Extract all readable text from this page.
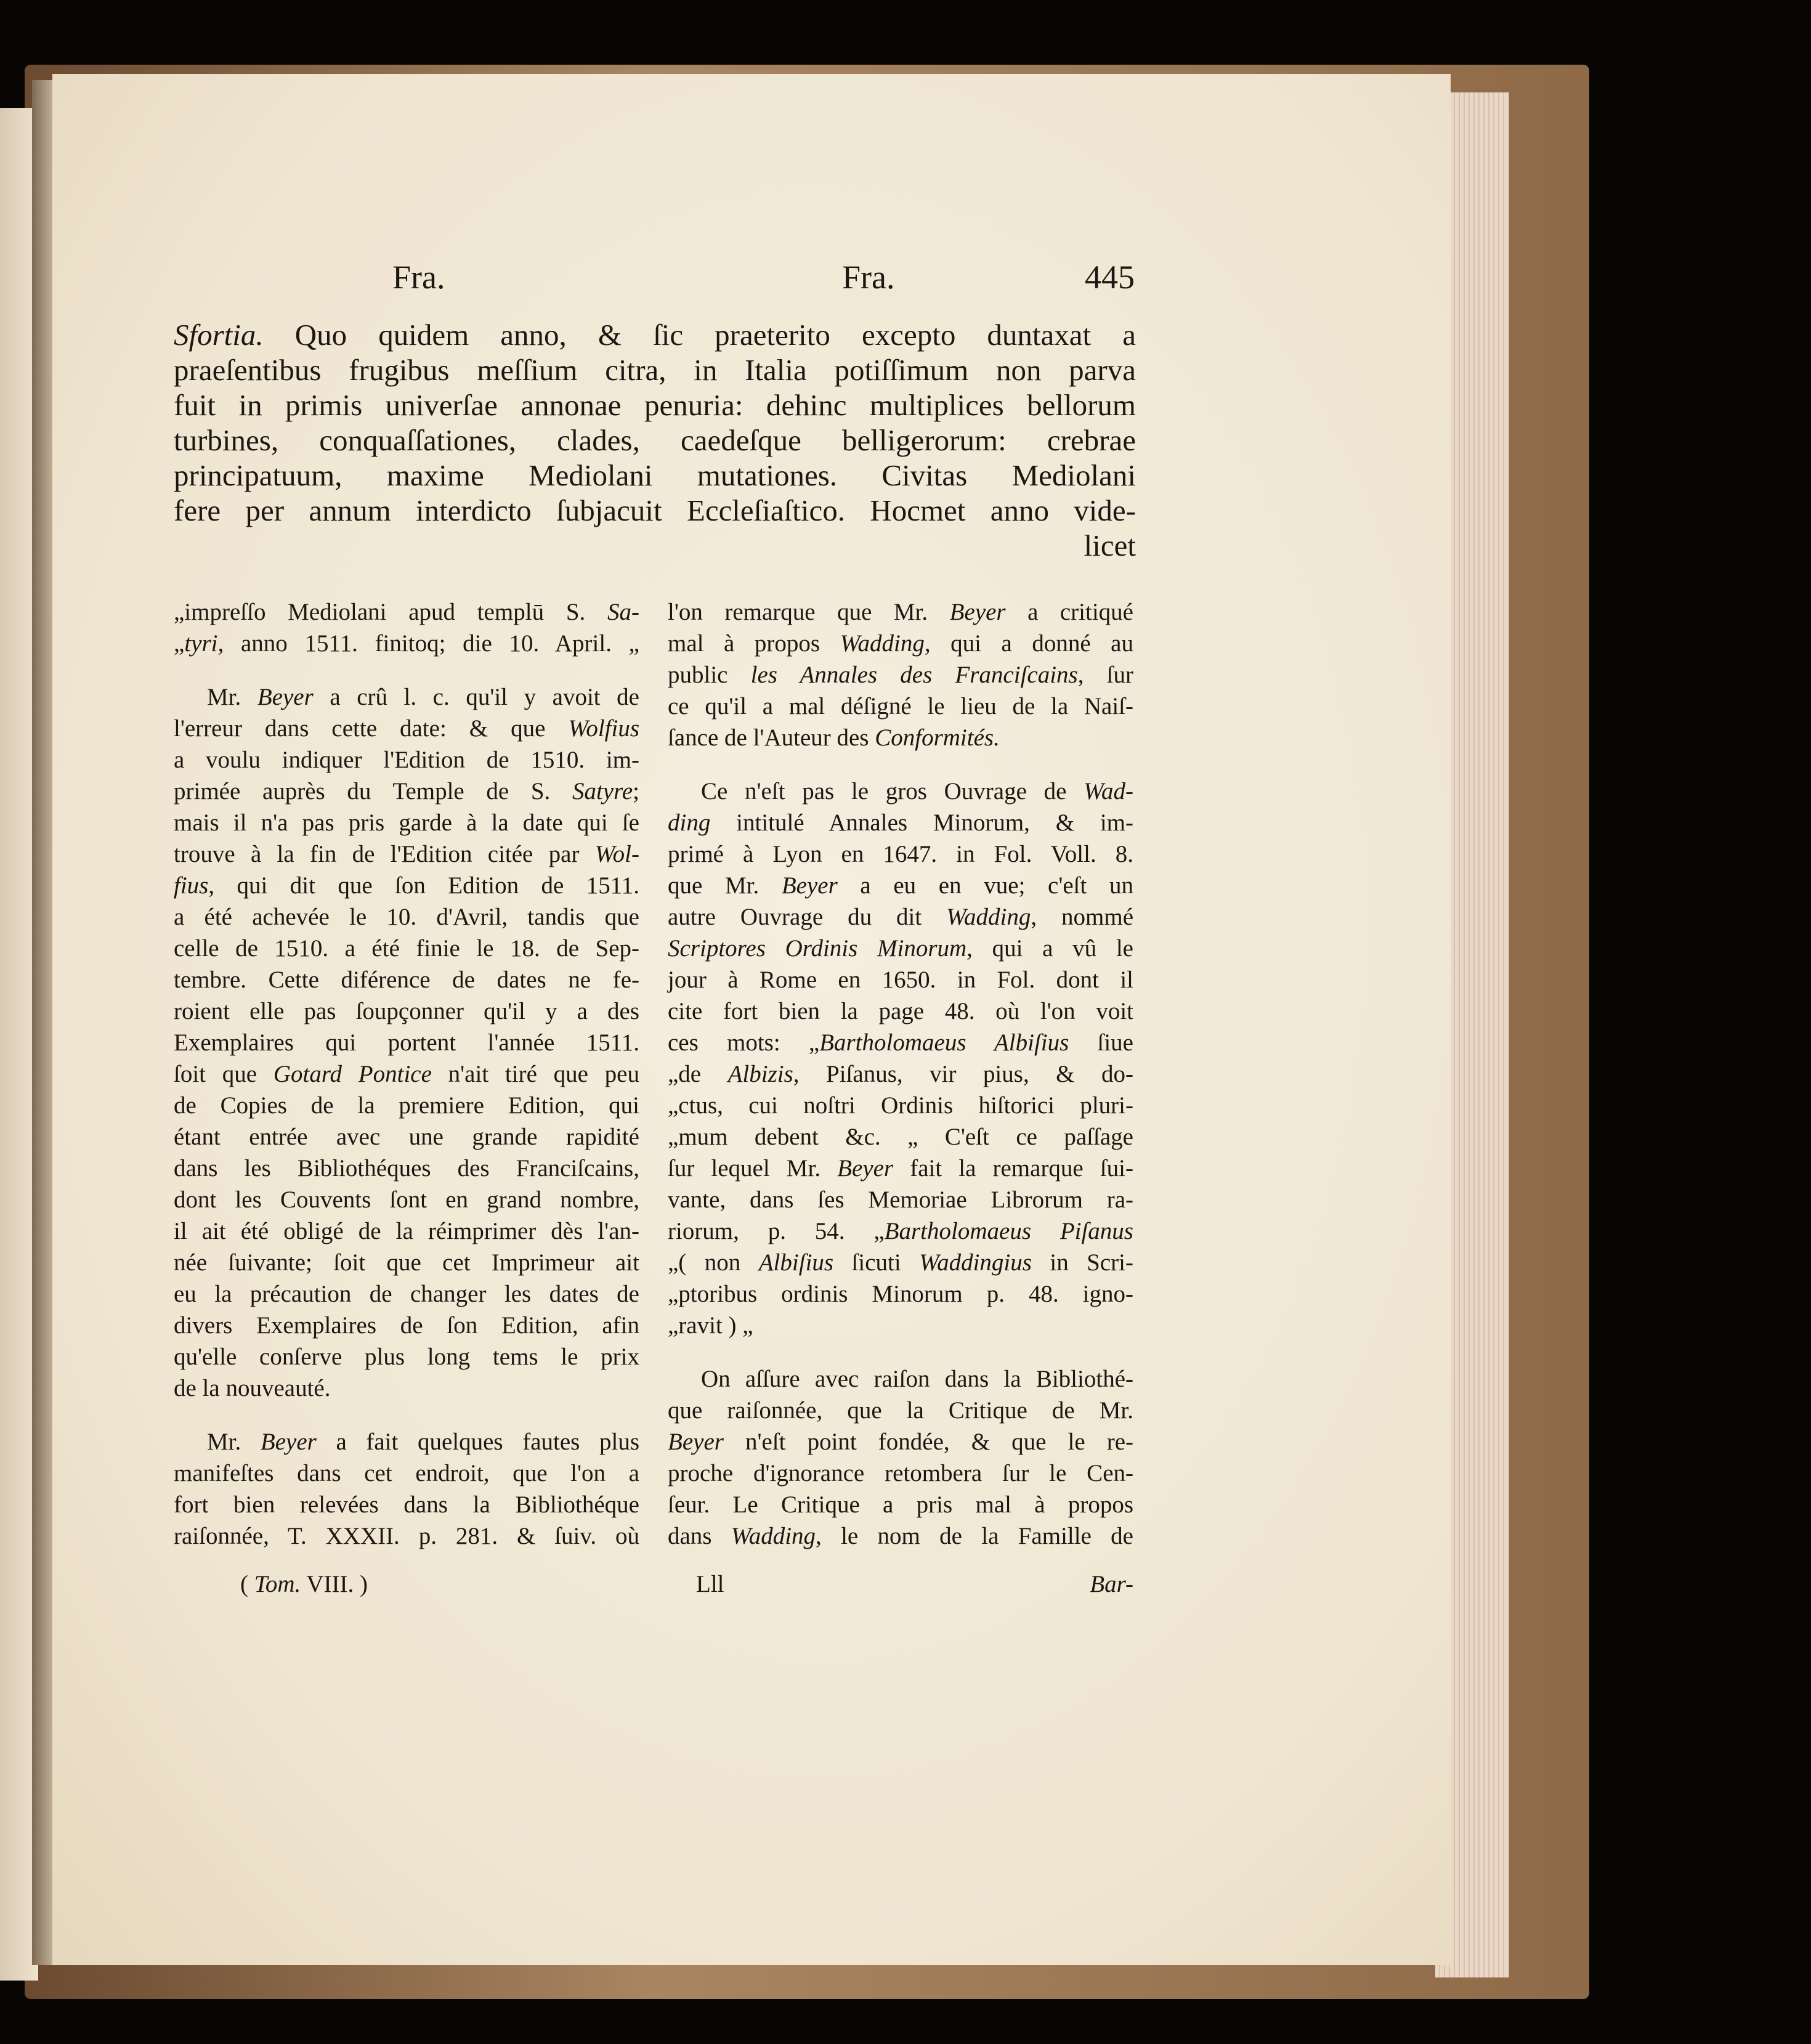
Fra.	Fra.	445
Sfortia. Quo quidem anno, & ſic praeterito excepto duntaxat a
praeſentibus frugibus meſſium citra, in Italia potiſſimum non parva
fuit in primis univerſae annonae penuria: dehinc multiplices bellorum
turbines, conquaſſationes, clades, caedeſque belligerorum: crebrae
principatuum, maxime Mediolani mutationes. Civitas Mediolani
fere per annum interdicto ſubjacuit Eccleſiaſtico. Hocmet anno vide-
licet
„impreſſo Mediolani apud templū S. Sa-
„tyri, anno 1511. finitoq; die 10. April. „
Mr. Beyer a crû l. c. qu'il y avoit de
l'erreur dans cette date: & que Wolfius
a voulu indiquer l'Edition de 1510. im-
primée auprès du Temple de S. Satyre;
mais il n'a pas pris garde à la date qui ſe
trouve à la fin de l'Edition citée par Wol-
fius, qui dit que ſon Edition de 1511.
a été achevée le 10. d'Avril, tandis que
celle de 1510. a été finie le 18. de Sep-
tembre. Cette diférence de dates ne fe-
roient elle pas ſoupçonner qu'il y a des
Exemplaires qui portent l'année 1511.
ſoit que Gotard Pontice n'ait tiré que peu
de Copies de la premiere Edition, qui
étant entrée avec une grande rapidité
dans les Bibliothéques des Franciſcains,
dont les Couvents ſont en grand nombre,
il ait été obligé de la réimprimer dès l'an-
née ſuivante; ſoit que cet Imprimeur ait
eu la précaution de changer les dates de
divers Exemplaires de ſon Edition, afin
qu'elle conſerve plus long tems le prix
de la nouveauté.
Mr. Beyer a fait quelques fautes plus
manifeſtes dans cet endroit, que l'on a
fort bien relevées dans la Bibliothéque
raiſonnée, T. XXXII. p. 281. & ſuiv. où
l'on remarque que Mr. Beyer a critiqué
mal à propos Wadding, qui a donné au
public les Annales des Franciſcains, ſur
ce qu'il a mal déſigné le lieu de la Naiſ-
ſance de l'Auteur des Conformités.
Ce n'eſt pas le gros Ouvrage de Wad-
ding intitulé Annales Minorum, & im-
primé à Lyon en 1647. in Fol. Voll. 8.
que Mr. Beyer a eu en vue; c'eſt un
autre Ouvrage du dit Wadding, nommé
Scriptores Ordinis Minorum, qui a vû le
jour à Rome en 1650. in Fol. dont il
cite fort bien la page 48. où l'on voit
ces mots: „Bartholomaeus Albiſius ſiue
„de Albizis, Piſanus, vir pius, & do-
„ctus, cui noſtri Ordinis hiſtorici pluri-
„mum debent &c. „ C'eſt ce paſſage
ſur lequel Mr. Beyer fait la remarque ſui-
vante, dans ſes Memoriae Librorum ra-
riorum, p. 54. „Bartholomaeus Piſanus
„( non Albiſius ſicuti Waddingius in Scri-
„ptoribus ordinis Minorum p. 48. igno-
„ravit ) „
On aſſure avec raiſon dans la Bibliothé-
que raiſonnée, que la Critique de Mr.
Beyer n'eſt point fondée, & que le re-
proche d'ignorance retombera ſur le Cen-
ſeur. Le Critique a pris mal à propos
dans Wadding, le nom de la Famille de
( Tom. VIII. )	Lll	Bar-
